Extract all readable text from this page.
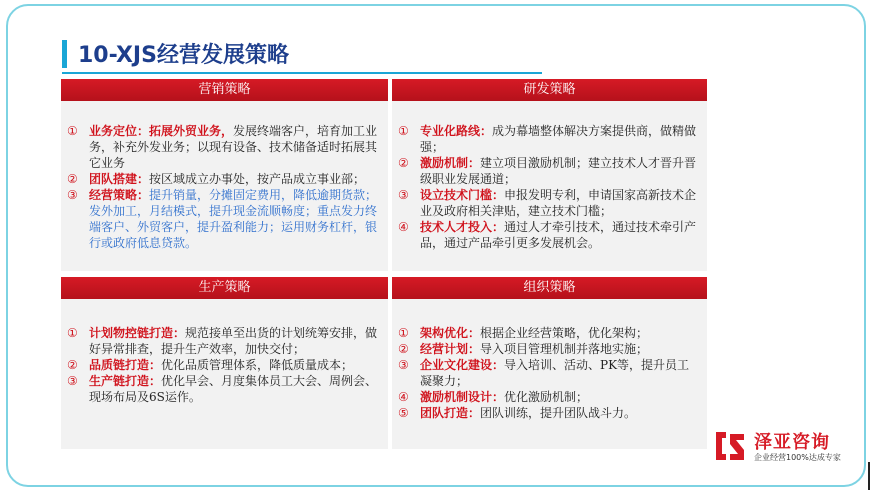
10-XJS经营发展策略
营销策略
① 业务定位：拓展外贸业务，发展终端客户，培育加工业务，补充外发业务；以现有设备、技术储备适时拓展其它业务
② 团队搭建：按区域成立办事处，按产品成立事业部；
③ 经营策略：提升销量，分摊固定费用，降低逾期货款；发外加工，月结模式，提升现金流顺畅度；重点发力终端客户、外贸客户，提升盈利能力；运用财务杠杆，银行或政府低息贷款。
研发策略
① 专业化路线：成为幕墙整体解决方案提供商，做精做强；
② 激励机制：建立项目激励机制；建立技术人才晋升晋级职业发展通道；
③ 设立技术门槛：申报发明专利，申请国家高新技术企业及政府相关津贴，建立技术门槛；
④ 技术人才投入：通过人才牵引技术，通过技术牵引产品，通过产品牵引更多发展机会。
生产策略
① 计划物控链打造：规范接单至出货的计划统筹安排，做好异常排查，提升生产效率，加快交付；
② 品质链打造：优化品质管理体系，降低质量成本；
③ 生产链打造：优化早会、月度集体员工大会、周例会、现场布局及6S运作。
组织策略
① 架构优化：根据企业经营策略，优化架构；
② 经营计划：导入项目管理机制并落地实施；
③ 企业文化建设：导入培训、活动、PK等，提升员工凝聚力；
④ 激励机制设计：优化激励机制；
⑤ 团队打造：团队训练，提升团队战斗力。
泽亚咨询
企业经营100%达成专家
